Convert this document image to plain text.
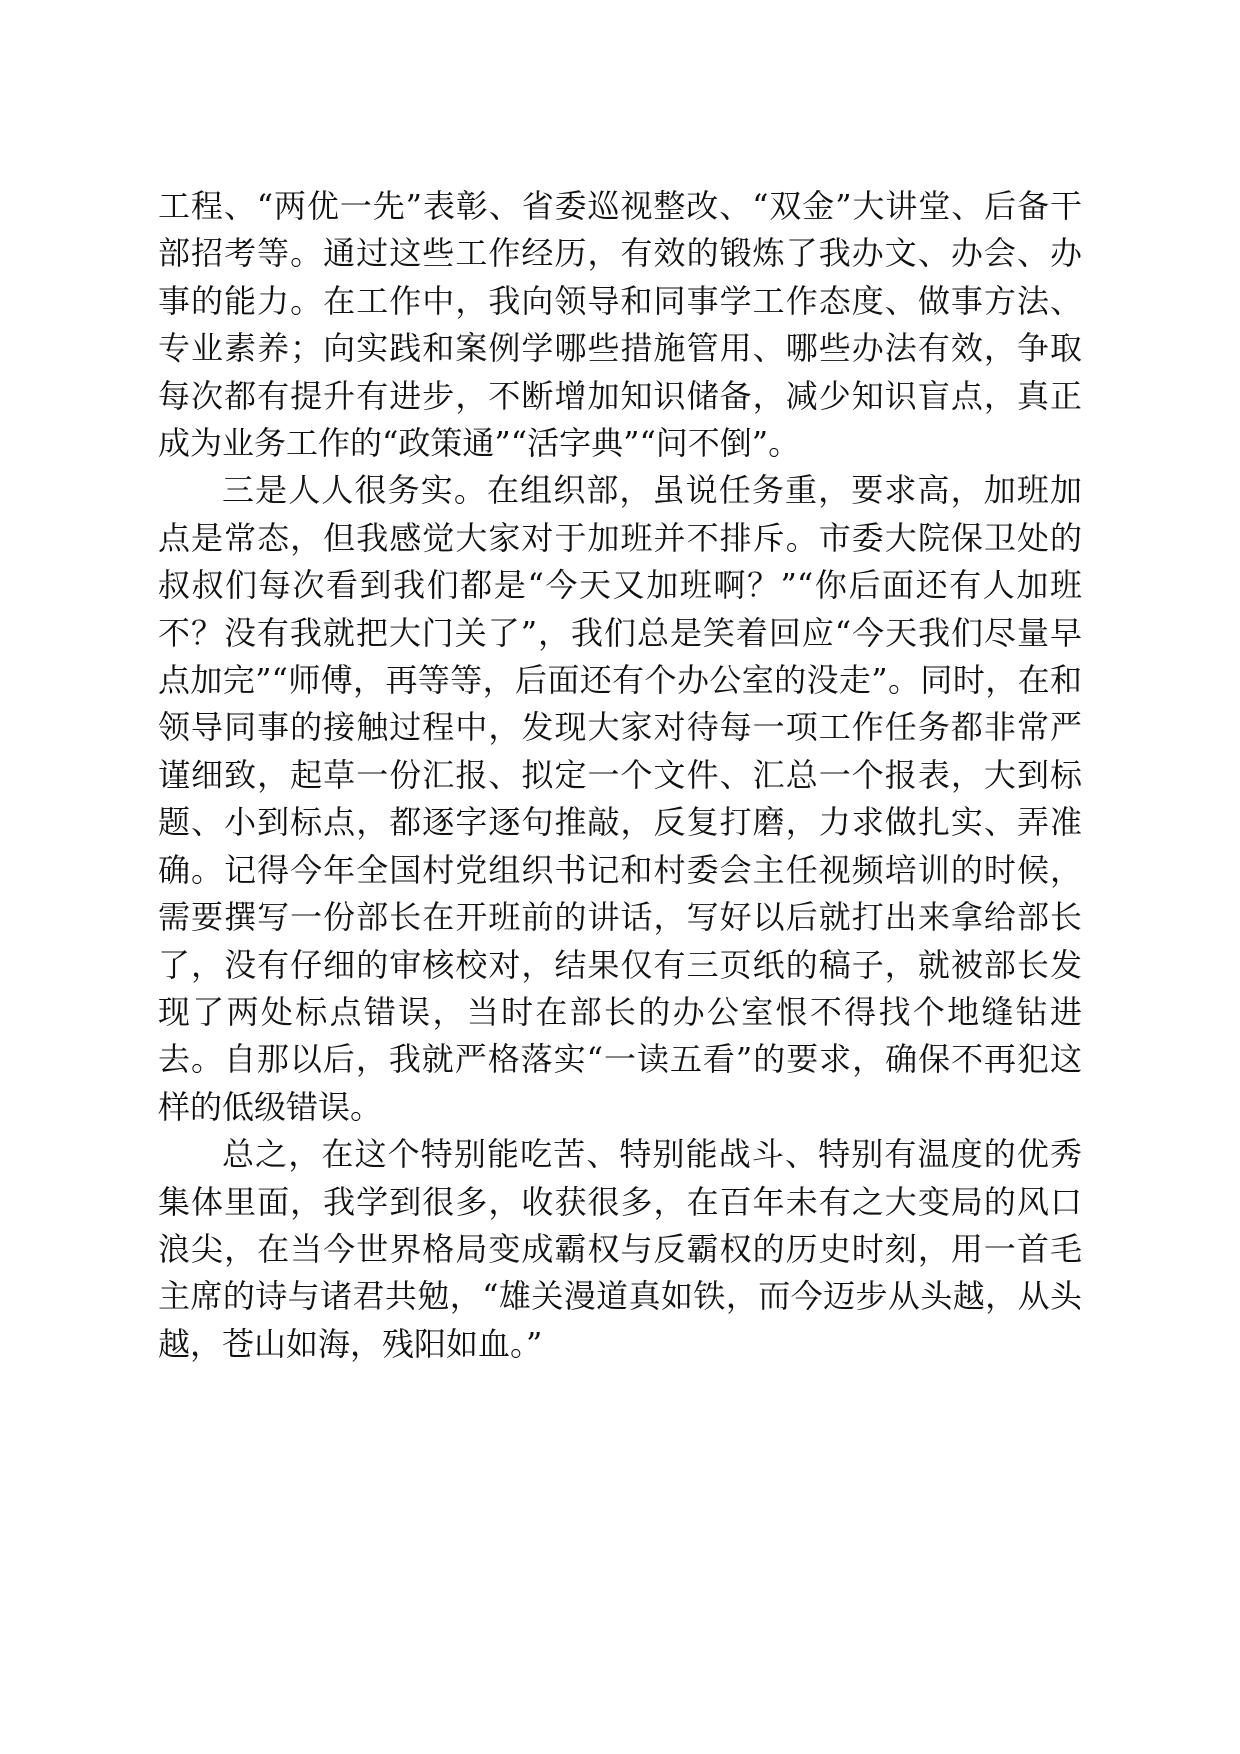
工程、“两优一先”表彰、省委巡视整改、“双金”大讲堂、后备干部招考等。通过这些工作经历，有效的锻炼了我办文、办会、办事的能力。在工作中，我向领导和同事学工作态度、做事方法、专业素养；向实践和案例学哪些措施管用、哪些办法有效，争取每次都有提升有进步，不断增加知识储备，减少知识盲点，真正成为业务工作的“政策通”“活字典”“问不倒”。

三是人人很务实。在组织部，虽说任务重，要求高，加班加点是常态，但我感觉大家对于加班并不排斥。市委大院保卫处的叔叔们每次看到我们都是“今天又加班啊？”“你后面还有人加班不？没有我就把大门关了”，我们总是笑着回应“今天我们尽量早点加完”“师傅，再等等，后面还有个办公室的没走”。同时，在和领导同事的接触过程中，发现大家对待每一项工作任务都非常严谨细致，起草一份汇报、拟定一个文件、汇总一个报表，大到标题、小到标点，都逐字逐句推敲，反复打磨，力求做扎实、弄准确。记得今年全国村党组织书记和村委会主任视频培训的时候，需要撰写一份部长在开班前的讲话，写好以后就打出来拿给部长了，没有仔细的审核校对，结果仅有三页纸的稿子，就被部长发现了两处标点错误，当时在部长的办公室恨不得找个地缝钻进去。自那以后，我就严格落实“一读五看”的要求，确保不再犯这样的低级错误。

总之，在这个特别能吃苦、特别能战斗、特别有温度的优秀集体里面，我学到很多，收获很多，在百年未有之大变局的风口浪尖，在当今世界格局变成霸权与反霸权的历史时刻，用一首毛主席的诗与诸君共勉，“雄关漫道真如铁，而今迈步从头越，从头越，苍山如海，残阳如血。”
